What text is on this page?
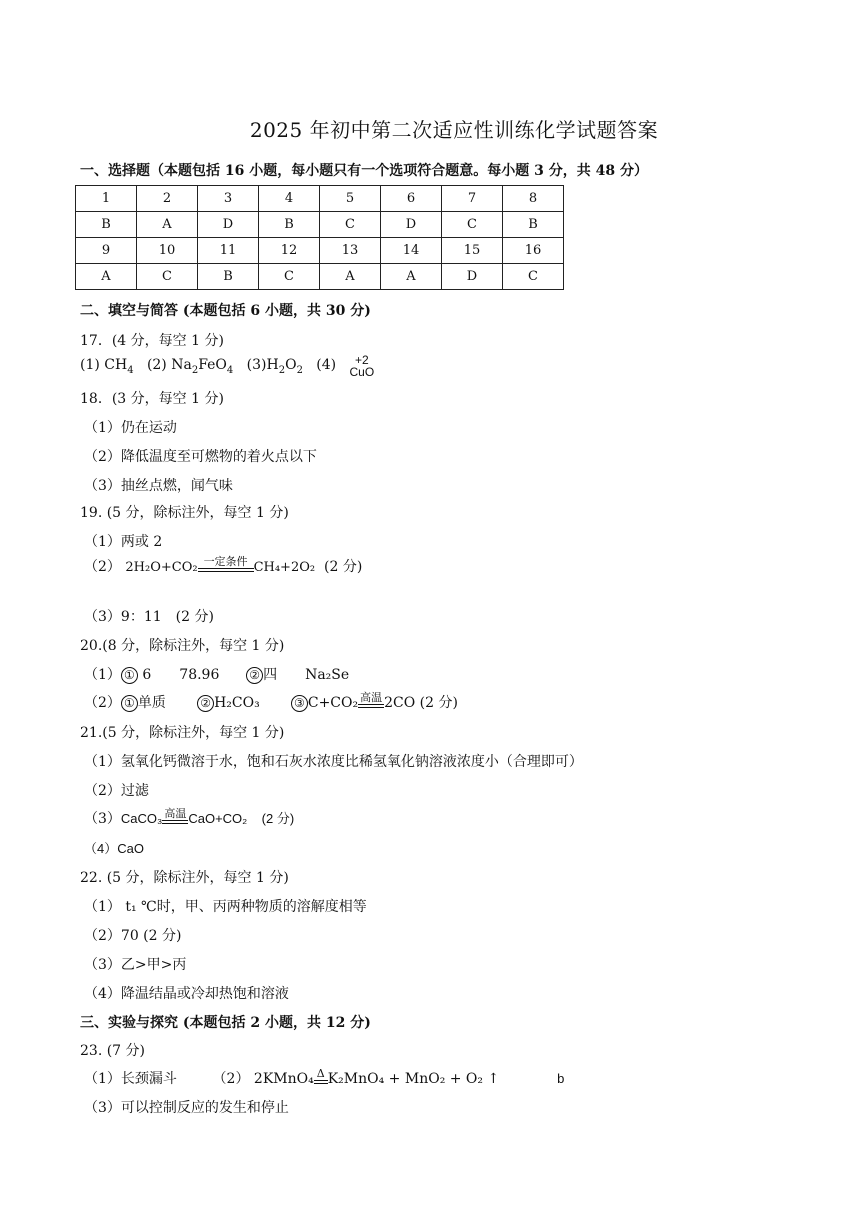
2025 年初中第二次适应性训练化学试题答案
一、选择题（本题包括 16 小题，每小题只有一个选项符合题意。每小题 3 分，共 48 分）
1	2	3	4	5	6	7	8
B	A	D	B	C	D	C	B
9	10	11	12	13	14	15	16
A	C	B	C	A	A	D	C
二、填空与简答 (本题包括 6 小题，共 30 分)
17．(4 分，每空 1 分)
(1) $CH_4$ (2) $Na_2FeO_4$ $(3)H_2O_2$ (4)	+2
CuO
18．(3 分，每空 1 分)
（1）仍在运动
（2）降低温度至可燃物的着火点以下
（3）抽丝点燃，闻气味
19. (5 分，除标注外，每空 1 分)
（1）两或 2
（2） 2H₂O+CO₂ 一定条件 CH₄+2O₂ (2 分)
（3）9：11　(2 分)
20.(8 分，除标注外，每空 1 分)
（1） ① 6　　78.96 ② 四　　Na₂Se
（2） ① 单质	② H₂CO₃	③ C+CO₂ 高温 2CO (2 分)
21.(5 分，除标注外，每空 1 分)
（1）氢氧化钙微溶于水，饱和石灰水浓度比稀氢氧化钠溶液浓度小（合理即可）
（2）过滤
（3）CaCO₃ 高温 CaO+CO₂ (2 分)
（4）CaO
22. (5 分，除标注外，每空 1 分)
（1） t₁ ℃时，甲、丙两种物质的溶解度相等
（2）70 (2 分)
（3）乙>甲>丙
（4）降温结晶或冷却热饱和溶液
三、实验与探究 (本题包括 2 小题，共 12 分)
23. (7 分)
（1）长颈漏斗	（2） 2KMnO₄ Δ K₂MnO₄ + MnO₂ + O₂ ↑	b
（3）可以控制反应的发生和停止
